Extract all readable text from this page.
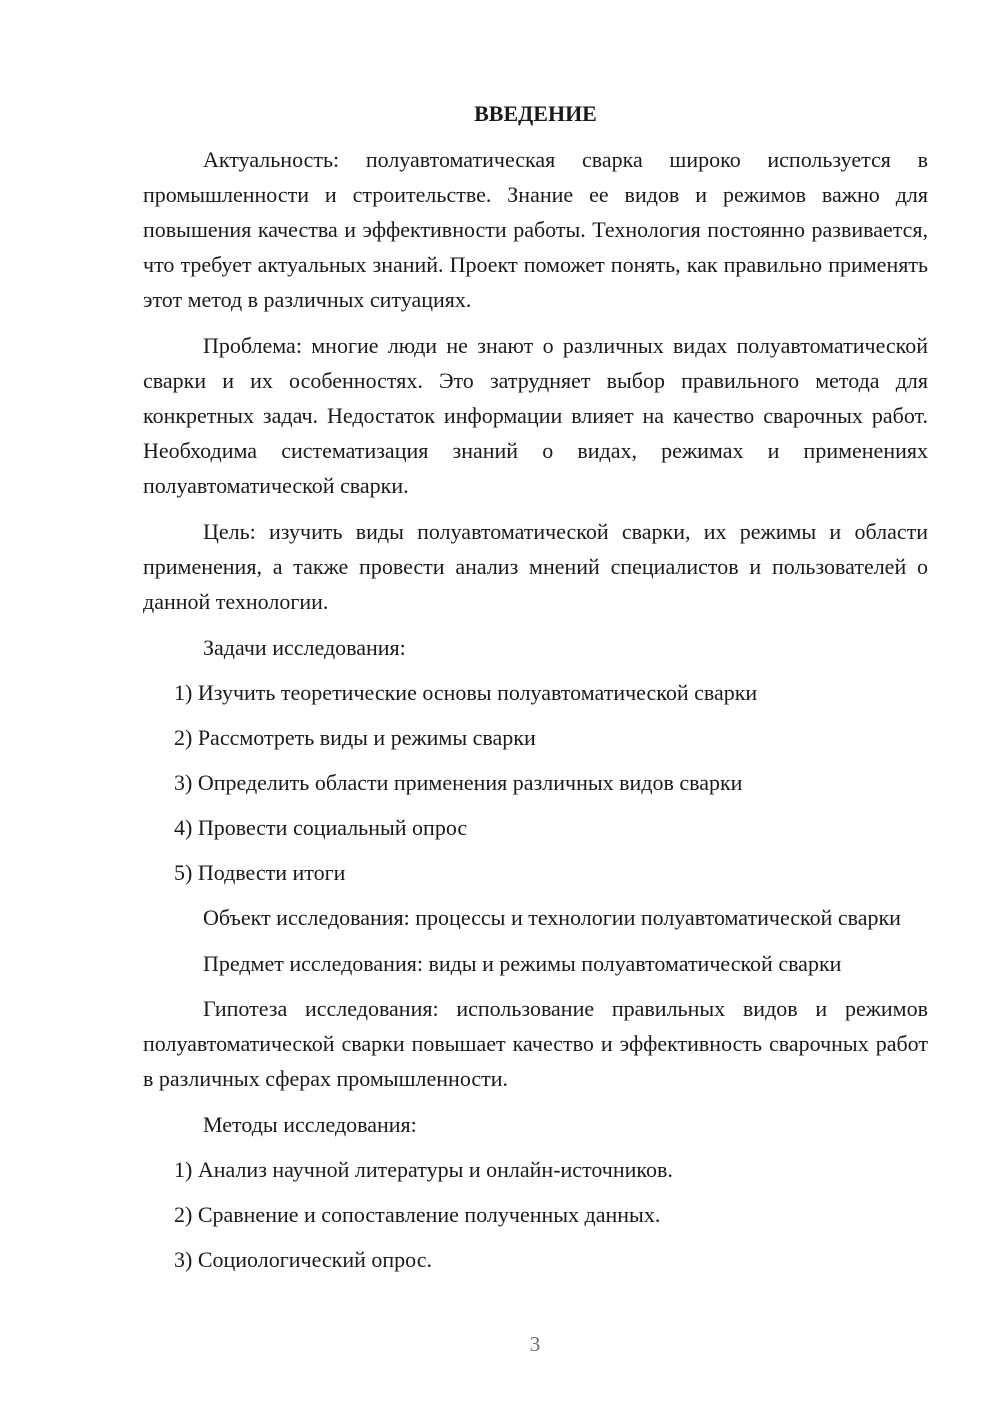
ВВЕДЕНИЕ

Актуальность: полуавтоматическая сварка широко используется в промышленности и строительстве. Знание ее видов и режимов важно для повышения качества и эффективности работы. Технология постоянно развивается, что требует актуальных знаний. Проект поможет понять, как правильно применять этот метод в различных ситуациях.

Проблема: многие люди не знают о различных видах полуавтоматической сварки и их особенностях. Это затрудняет выбор правильного метода для конкретных задач. Недостаток информации влияет на качество сварочных работ. Необходима систематизация знаний о видах, режимах и применениях полуавтоматической сварки.

Цель: изучить виды полуавтоматической сварки, их режимы и области применения, а также провести анализ мнений специалистов и пользователей о данной технологии.

Задачи исследования:
1) Изучить теоретические основы полуавтоматической сварки
2) Рассмотреть виды и режимы сварки
3) Определить области применения различных видов сварки
4) Провести социальный опрос
5) Подвести итоги

Объект исследования: процессы и технологии полуавтоматической сварки

Предмет исследования: виды и режимы полуавтоматической сварки

Гипотеза исследования: использование правильных видов и режимов полуавтоматической сварки повышает качество и эффективность сварочных работ в различных сферах промышленности.

Методы исследования:
1) Анализ научной литературы и онлайн-источников.
2) Сравнение и сопоставление полученных данных.
3) Социологический опрос.
3
